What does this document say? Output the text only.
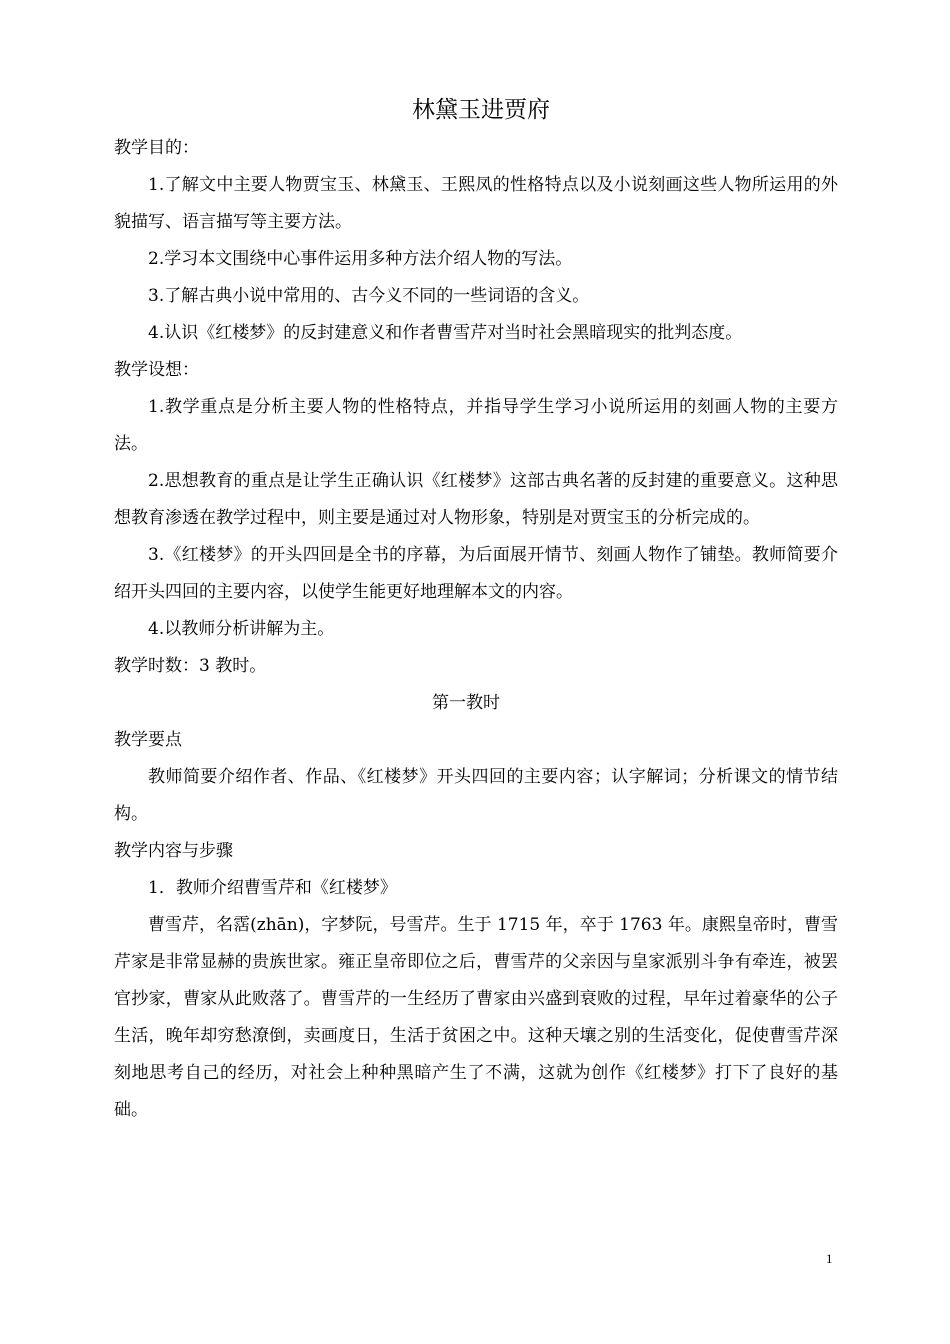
林黛玉进贾府
教学目的：
1.了解文中主要人物贾宝玉、林黛玉、王熙凤的性格特点以及小说刻画这些人物所运用的外貌描写、语言描写等主要方法。
2.学习本文围绕中心事件运用多种方法介绍人物的写法。
3.了解古典小说中常用的、古今义不同的一些词语的含义。
4.认识《红楼梦》的反封建意义和作者曹雪芹对当时社会黑暗现实的批判态度。
教学设想：
1.教学重点是分析主要人物的性格特点，并指导学生学习小说所运用的刻画人物的主要方法。
2.思想教育的重点是让学生正确认识《红楼梦》这部古典名著的反封建的重要意义。这种思想教育渗透在教学过程中，则主要是通过对人物形象，特别是对贾宝玉的分析完成的。
3.《红楼梦》的开头四回是全书的序幕，为后面展开情节、刻画人物作了铺垫。教师简要介绍开头四回的主要内容，以使学生能更好地理解本文的内容。
4.以教师分析讲解为主。
教学时数：3 教时。
第一教时
教学要点
教师简要介绍作者、作品、《红楼梦》开头四回的主要内容；认字解词；分析课文的情节结构。
教学内容与步骤
1．教师介绍曹雪芹和《红楼梦》
曹雪芹，名霑(zhān)，字梦阮，号雪芹。生于 1715 年，卒于 1763 年。康熙皇帝时，曹雪芹家是非常显赫的贵族世家。雍正皇帝即位之后，曹雪芹的父亲因与皇家派别斗争有牵连，被罢官抄家，曹家从此败落了。曹雪芹的一生经历了曹家由兴盛到衰败的过程，早年过着豪华的公子生活，晚年却穷愁潦倒，卖画度日，生活于贫困之中。这种天壤之别的生活变化，促使曹雪芹深刻地思考自己的经历，对社会上种种黑暗产生了不满，这就为创作《红楼梦》打下了良好的基础。
1
